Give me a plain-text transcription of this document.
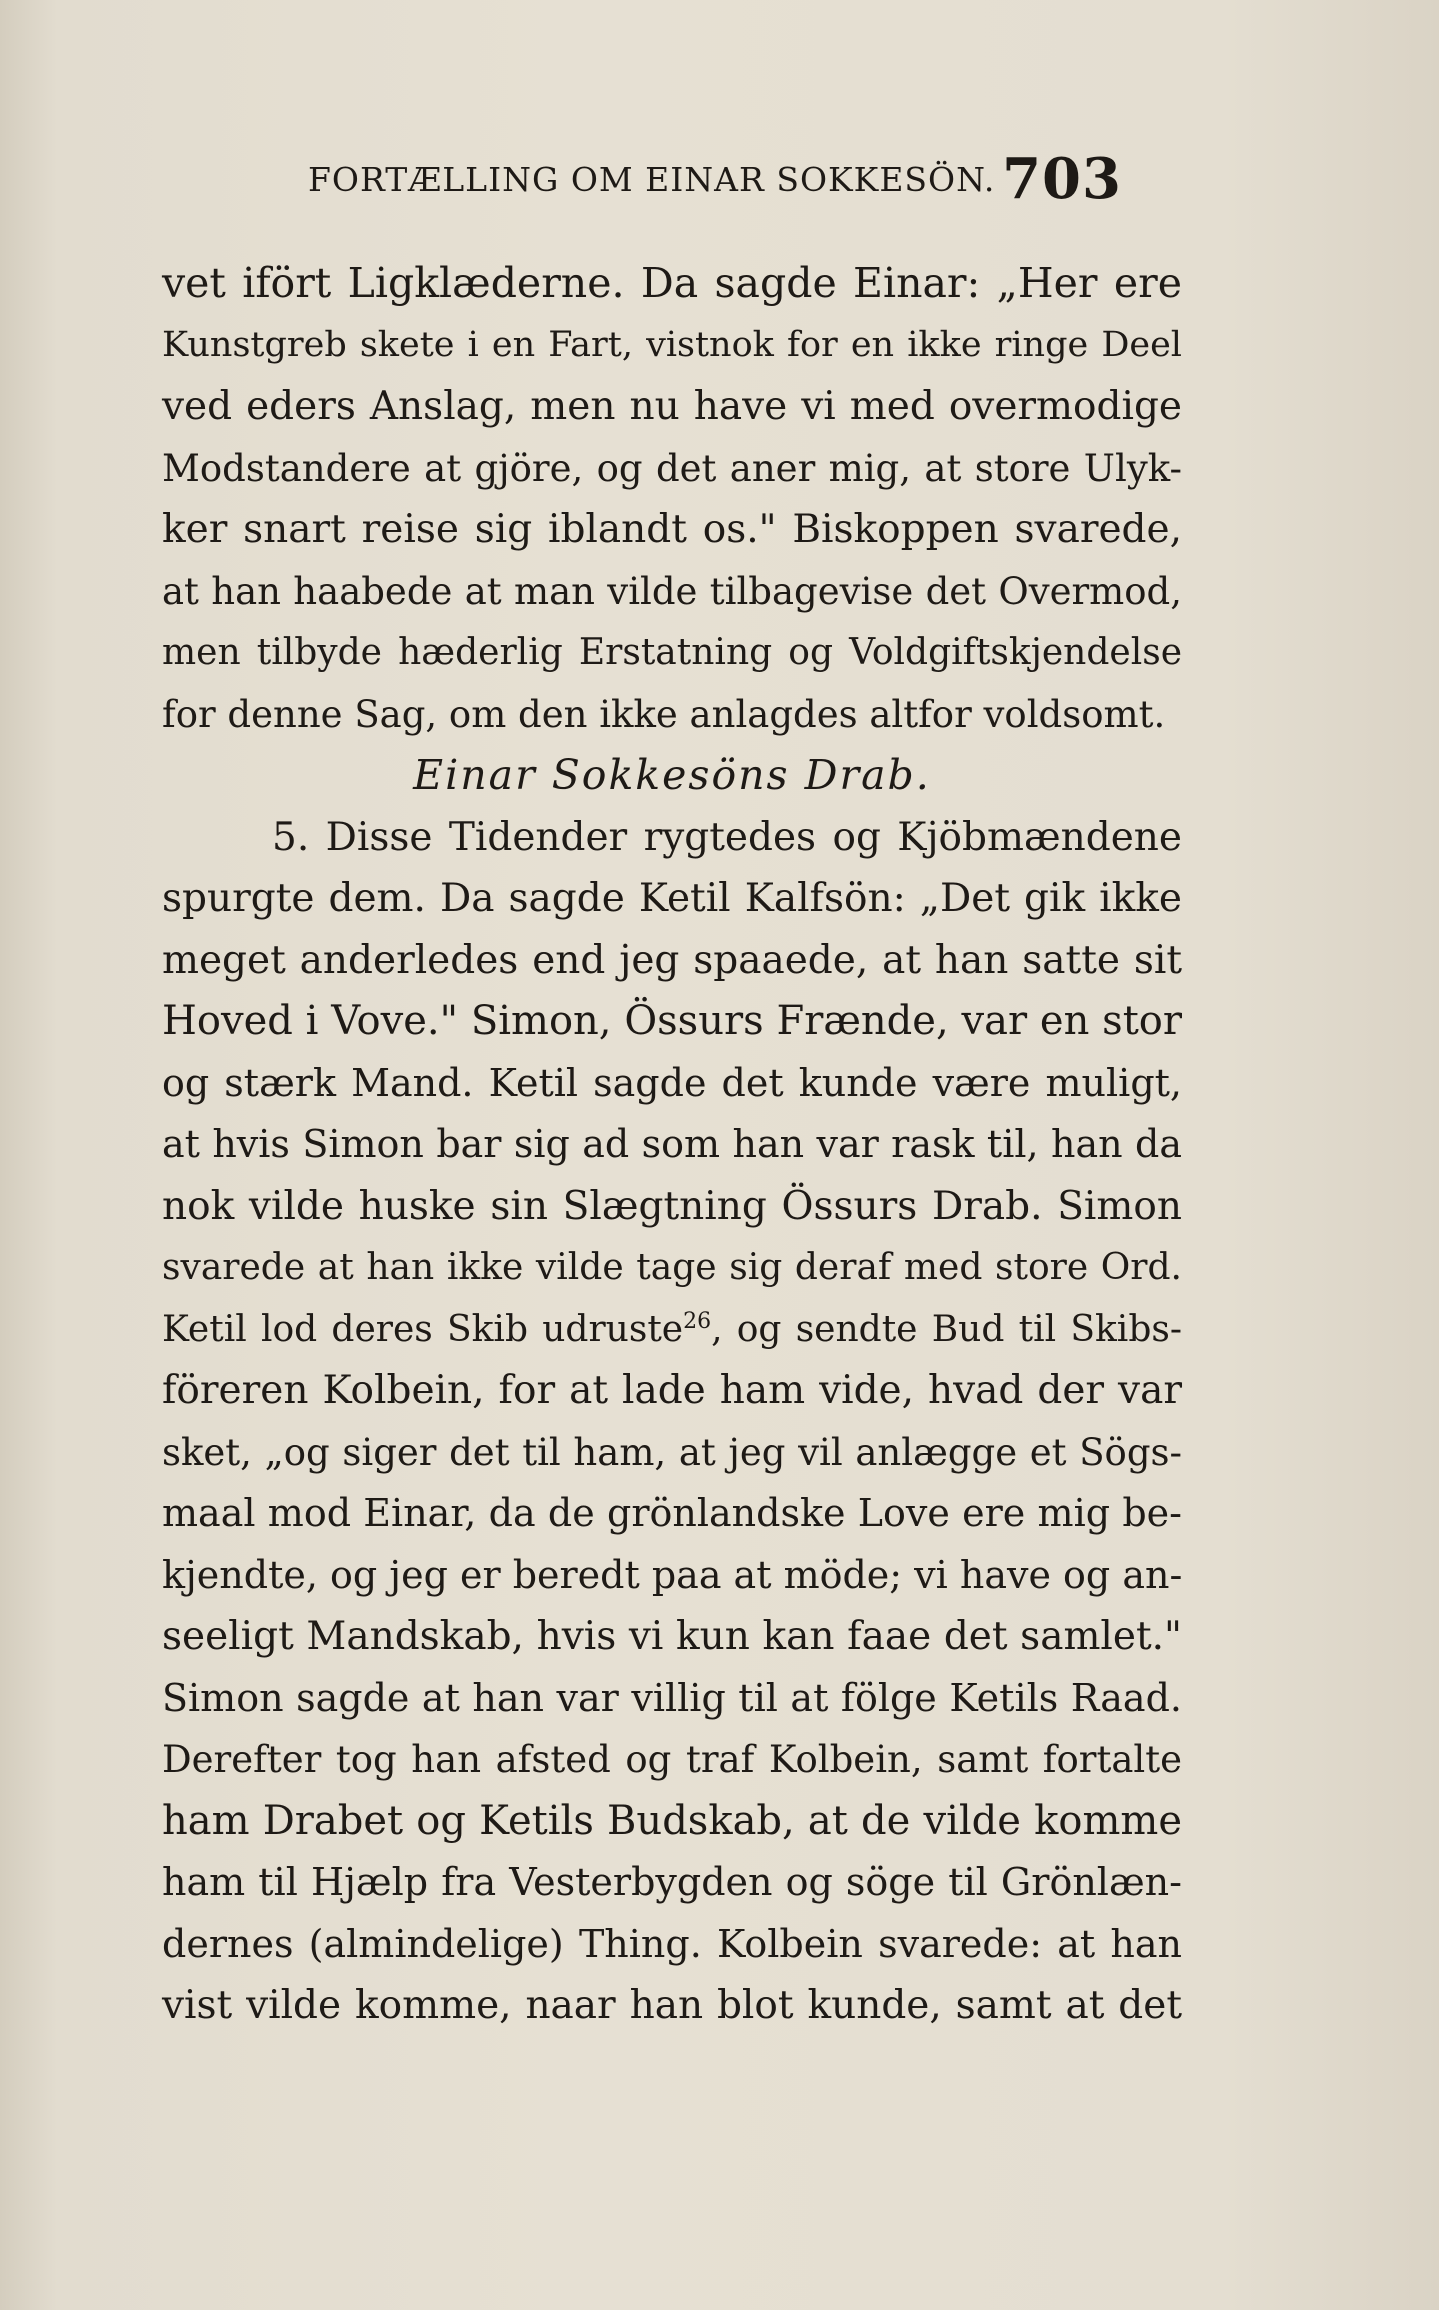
FORTÆLLING OM EINAR SOKKESÖN. 703
vet ifört Ligklæderne. Da sagde Einar: „Her ere
Kunstgreb skete i en Fart, vistnok for en ikke ringe Deel
ved eders Anslag, men nu have vi med overmodige
Modstandere at gjöre, og det aner mig, at store Ulyk-
ker snart reise sig iblandt os." Biskoppen svarede,
at han haabede at man vilde tilbagevise det Overmod,
men tilbyde hæderlig Erstatning og Voldgiftskjendelse
for denne Sag, om den ikke anlagdes altfor voldsomt.
Einar Sokkesöns Drab.
5. Disse Tidender rygtedes og Kjöbmændene
spurgte dem. Da sagde Ketil Kalfsön: „Det gik ikke
meget anderledes end jeg spaaede, at han satte sit
Hoved i Vove." Simon, Össurs Frænde, var en stor
og stærk Mand. Ketil sagde det kunde være muligt,
at hvis Simon bar sig ad som han var rask til, han da
nok vilde huske sin Slægtning Össurs Drab. Simon
svarede at han ikke vilde tage sig deraf med store Ord.
Ketil lod deres Skib udruste$^{26}$, og sendte Bud til Skibs-
föreren Kolbein, for at lade ham vide, hvad der var
sket, „og siger det til ham, at jeg vil anlægge et Sögs-
maal mod Einar, da de grönlandske Love ere mig be-
kjendte, og jeg er beredt paa at möde; vi have og an-
seeligt Mandskab, hvis vi kun kan faae det samlet."
Simon sagde at han var villig til at fölge Ketils Raad.
Derefter tog han afsted og traf Kolbein, samt fortalte
ham Drabet og Ketils Budskab, at de vilde komme
ham til Hjælp fra Vesterbygden og söge til Grönlæn-
dernes (almindelige) Thing. Kolbein svarede: at han
vist vilde komme, naar han blot kunde, samt at det
